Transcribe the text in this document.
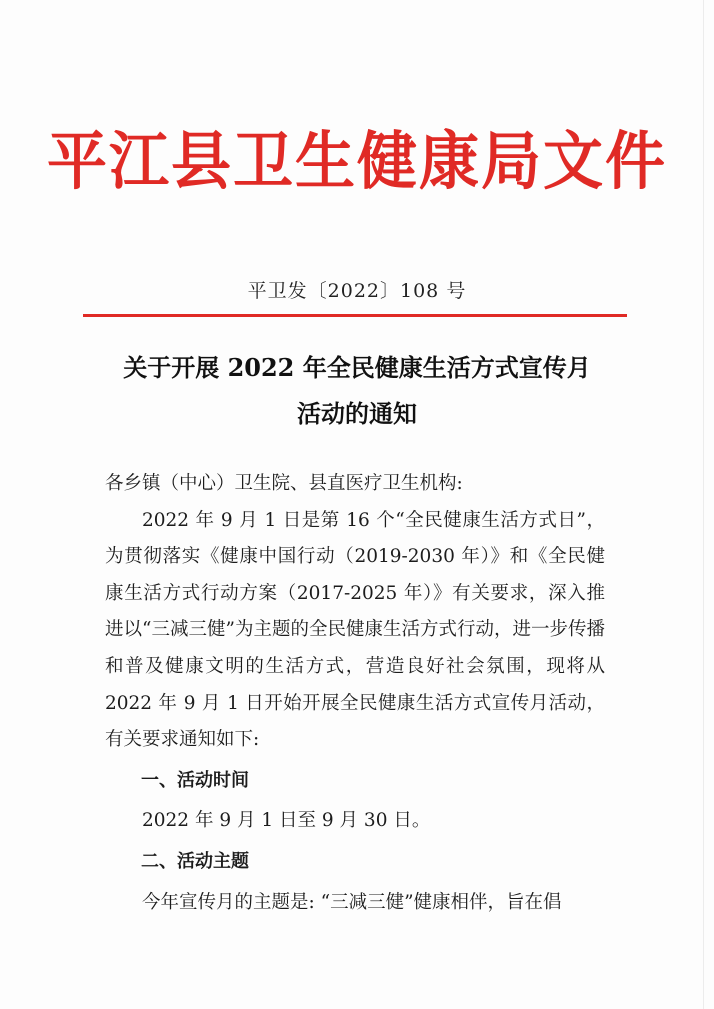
平江县卫生健康局文件
平卫发〔2022〕108 号
关于开展 2022 年全民健康生活方式宣传月
活动的通知

各乡镇（中心）卫生院、县直医疗卫生机构:

2022 年 9 月 1 日是第 16 个“全民健康生活方式日”，为贯彻落实《健康中国行动（2019-2030 年）》和《全民健康生活方式行动方案（2017-2025 年）》有关要求，深入推进以“三减三健”为主题的全民健康生活方式行动，进一步传播和普及健康文明的生活方式，营造良好社会氛围，现将从 2022 年 9 月 1 日开始开展全民健康生活方式宣传月活动，有关要求通知如下:

一、活动时间

2022 年 9 月 1 日至 9 月 30 日。

二、活动主题

今年宣传月的主题是: “三减三健”健康相伴，旨在倡
